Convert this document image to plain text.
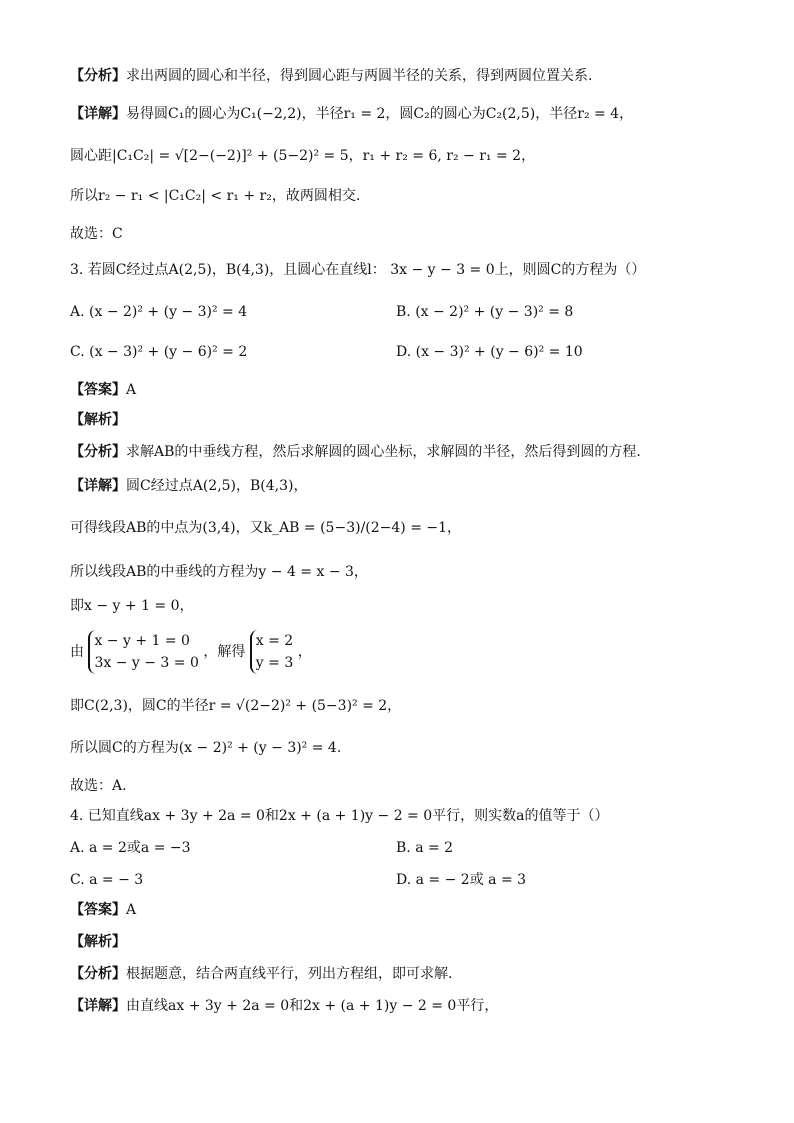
【分析】求出两圆的圆心和半径，得到圆心距与两圆半径的关系，得到两圆位置关系.
【详解】易得圆C₁的圆心为C₁(−2,2)，半径r₁ = 2，圆C₂的圆心为C₂(2,5)，半径r₂ = 4，
圆心距|C₁C₂| = √[2−(−2)]² + (5−2)² = 5，r₁ + r₂ = 6, r₂ − r₁ = 2，
所以r₂ − r₁ < |C₁C₂| < r₁ + r₂，故两圆相交.
故选：C
3. 若圆C经过点A(2,5)，B(4,3)，且圆心在直线l： 3x − y − 3 = 0上，则圆C的方程为（）
A. (x − 2)² + (y − 3)² = 4	B. (x − 2)² + (y − 3)² = 8
C. (x − 3)² + (y − 6)² = 2	D. (x − 3)² + (y − 6)² = 10
【答案】A
【解析】
【分析】求解AB的中垂线方程，然后求解圆的圆心坐标，求解圆的半径，然后得到圆的方程.
【详解】圆C经过点A(2,5)，B(4,3)，
可得线段AB的中点为(3,4)，又k_AB = (5−3)/(2−4) = −1，
所以线段AB的中垂线的方程为y − 4 = x − 3，
即x − y + 1 = 0，
由
x − y + 1 = 0
3x − y − 3 = 0
，解得
x = 2
y = 3
，
即C(2,3)，圆C的半径r = √(2−2)² + (5−3)² = 2，
所以圆C的方程为(x − 2)² + (y − 3)² = 4.
故选：A.
4. 已知直线ax + 3y + 2a = 0和2x + (a + 1)y − 2 = 0平行，则实数a的值等于（）
A. a = 2或a = −3	B. a = 2
C. a = − 3	D. a = − 2或 a = 3
【答案】A
【解析】
【分析】根据题意，结合两直线平行，列出方程组，即可求解.
【详解】由直线ax + 3y + 2a = 0和2x + (a + 1)y − 2 = 0平行，
